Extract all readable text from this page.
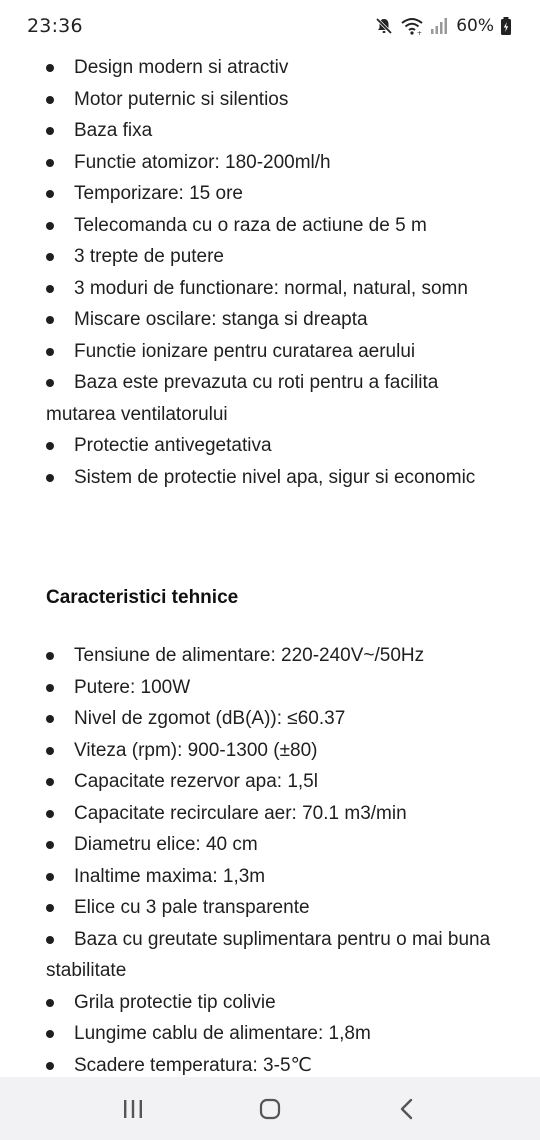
23:36	+ 60%
Design modern si atractiv
Motor puternic si silentios
Baza fixa
Functie atomizor: 180-200ml/h
Temporizare: 15 ore
Telecomanda cu o raza de actiune de 5 m
3 trepte de putere
3 moduri de functionare: normal, natural, somn
Miscare oscilare: stanga si dreapta
Functie ionizare pentru curatarea aerului
Baza este prevazuta cu roti pentru a facilita mutarea ventilatorului
Protectie antivegetativa
Sistem de protectie nivel apa, sigur si economic
Caracteristici tehnice
Tensiune de alimentare: 220-240V~/50Hz
Putere: 100W
Nivel de zgomot (dB(A)): ≤60.37
Viteza (rpm): 900-1300 (±80)
Capacitate rezervor apa: 1,5l
Capacitate recirculare aer: 70.1 m3/min
Diametru elice: 40 cm
Inaltime maxima: 1,3m
Elice cu 3 pale transparente
Baza cu greutate suplimentara pentru o mai buna stabilitate
Grila protectie tip colivie
Lungime cablu de alimentare: 1,8m
Scadere temperatura: 3-5℃
